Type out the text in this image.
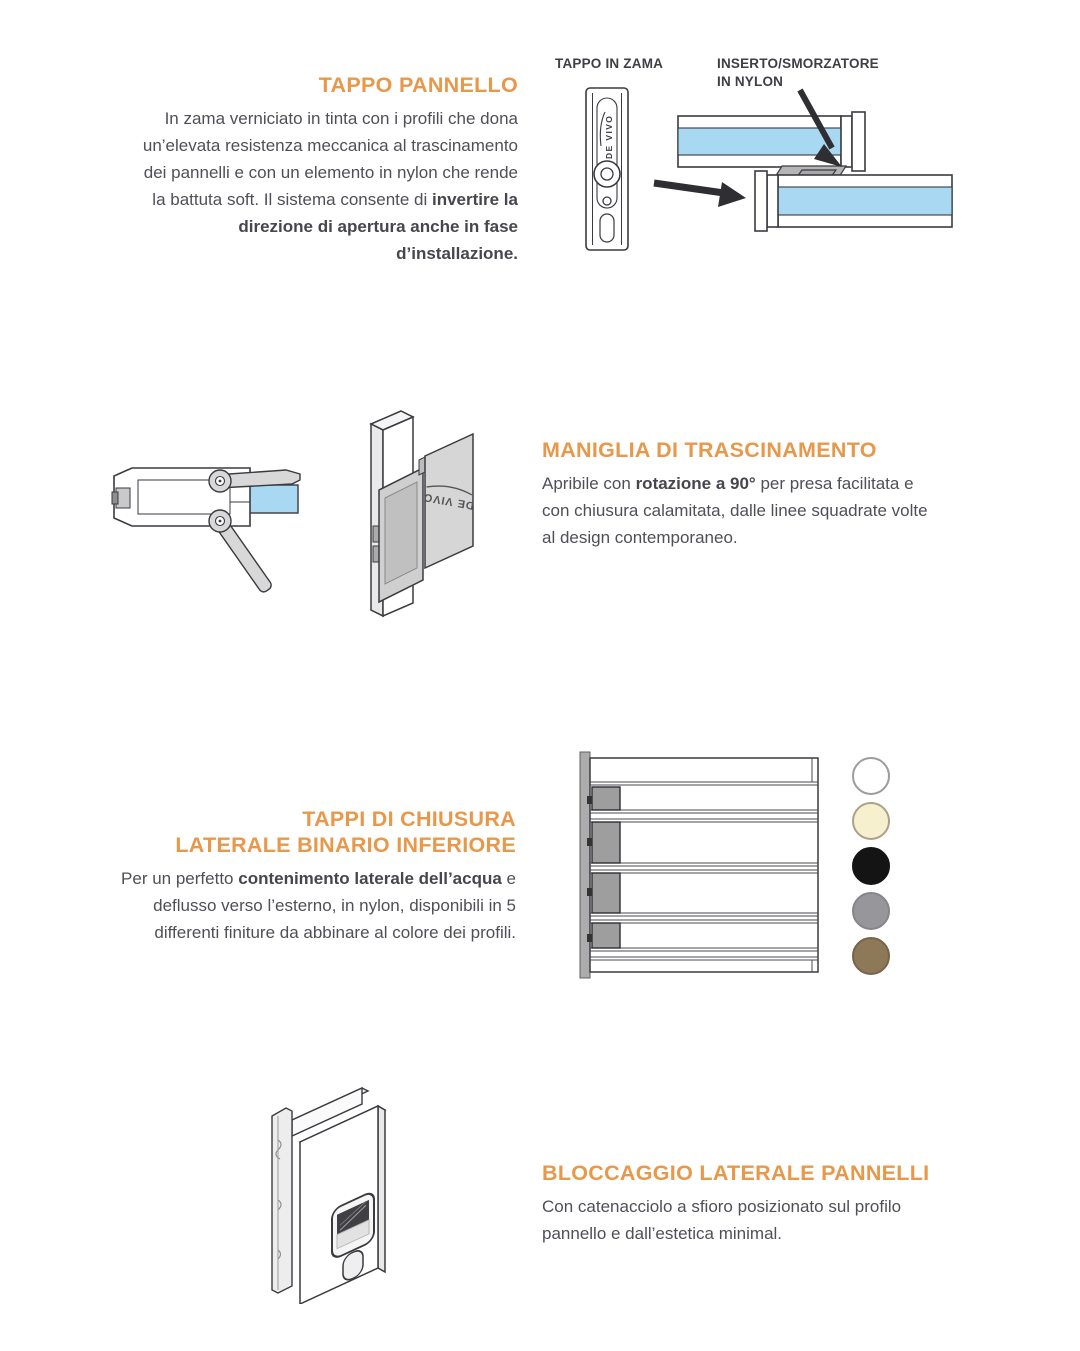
TAPPO PANNELLO

In zama verniciato in tinta con i profili che dona un’elevata resistenza meccanica al trascinamento dei pannelli e con un elemento in nylon che rende la battuta soft. Il sistema consente di invertire la direzione di apertura anche in fase d’installazione.

TAPPO IN ZAMA	INSERTO/SMORZATORE
IN NYLON
DE VIVO
DE VIVO
MANIGLIA DI TRASCINAMENTO

Apribile con rotazione a 90° per presa facilitata e con chiusura calamitata, dalle linee squadrate volte al design contemporaneo.

TAPPI DI CHIUSURA
LATERALE BINARIO INFERIORE

Per un perfetto contenimento laterale dell’acqua e deflusso verso l’esterno, in nylon, disponibili in 5 differenti finiture da abbinare al colore dei profili.

BLOCCAGGIO LATERALE PANNELLI

Con catenacciolo a sfioro posizionato sul profilo pannello e dall’estetica minimal.
